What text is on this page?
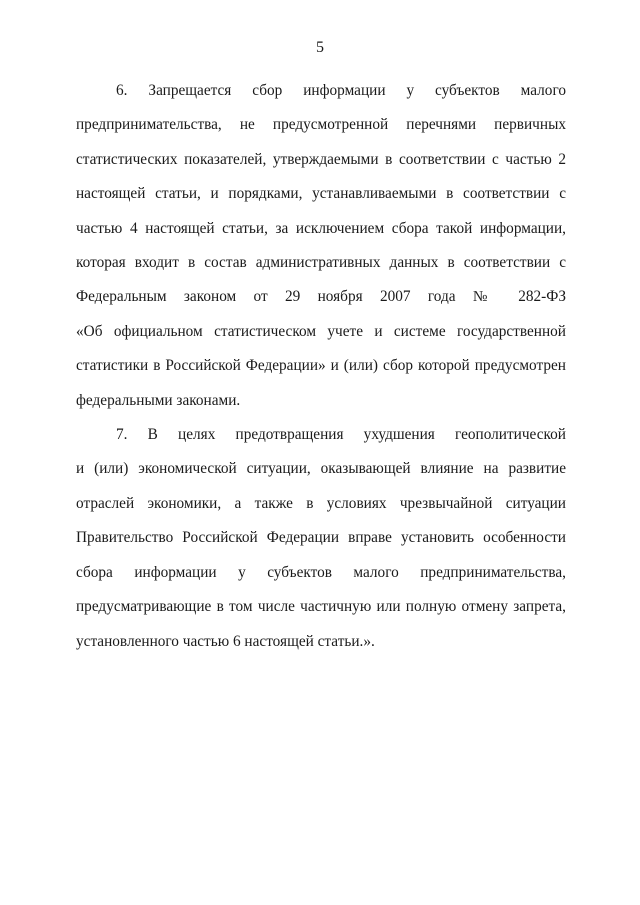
5

6. Запрещается сбор информации у субъектов малого
предпринимательства, не предусмотренной перечнями первичных
статистических показателей, утверждаемыми в соответствии с частью 2
настоящей статьи, и порядками, устанавливаемыми в соответствии с
частью 4 настоящей статьи, за исключением сбора такой информации,
которая входит в состав административных данных в соответствии с
Федеральным законом от 29 ноября 2007 года № 282-ФЗ
«Об официальном статистическом учете и системе государственной
статистики в Российской Федерации» и (или) сбор которой предусмотрен
федеральными законами.

7. В целях предотвращения ухудшения геополитической
и (или) экономической ситуации, оказывающей влияние на развитие
отраслей экономики, а также в условиях чрезвычайной ситуации
Правительство Российской Федерации вправе установить особенности
сбора информации у субъектов малого предпринимательства,
предусматривающие в том числе частичную или полную отмену запрета,
установленного частью 6 настоящей статьи.».
